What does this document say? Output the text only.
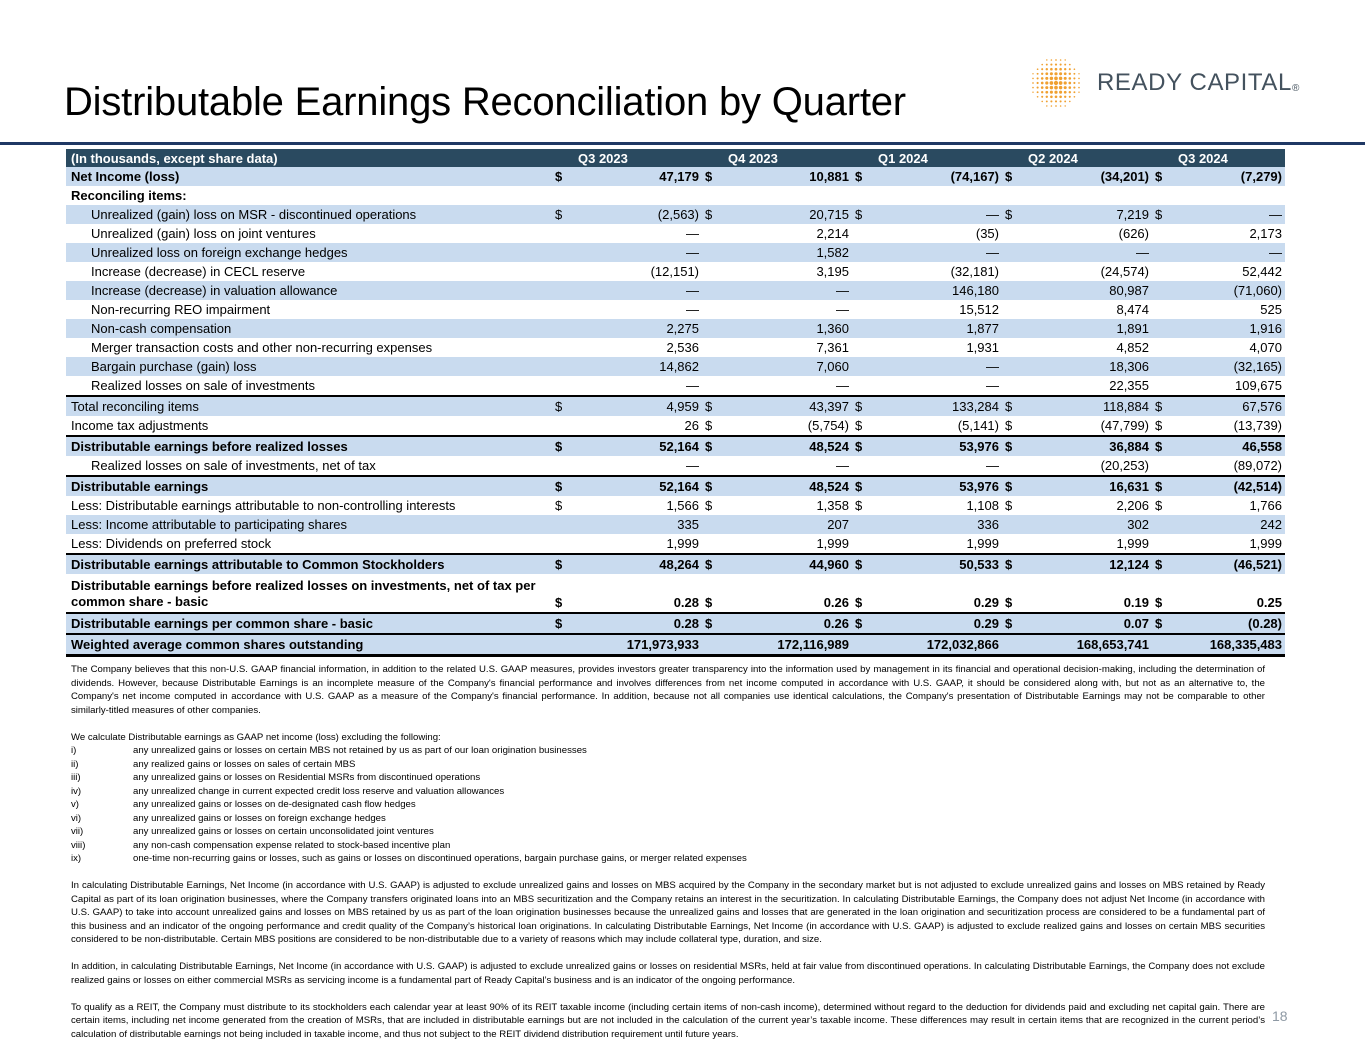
Distributable Earnings Reconciliation by Quarter	READY CAPITAL®
(In thousands, except share data)	Q3 2023		Q4 2023		Q1 2024		Q2 2024		Q3 2024	
Net Income (loss)	$	47,179	$	10,881	$	(74,167)	$	(34,201)	$	(7,279)
Reconciling items:										
Unrealized (gain) loss on MSR - discontinued operations	$	(2,563)	$	20,715	$	—	$	7,219	$	—
Unrealized (gain) loss on joint ventures		—		2,214		(35)		(626)		2,173
Unrealized loss on foreign exchange hedges		—		1,582		—		—		—
Increase (decrease) in CECL reserve		(12,151)		3,195		(32,181)		(24,574)		52,442
Increase (decrease) in valuation allowance		—		—		146,180		80,987		(71,060)
Non-recurring REO impairment		—		—		15,512		8,474		525
Non-cash compensation		2,275		1,360		1,877		1,891		1,916
Merger transaction costs and other non-recurring expenses		2,536		7,361		1,931		4,852		4,070
Bargain purchase (gain) loss		14,862		7,060		—		18,306		(32,165)
Realized losses on sale of investments		—		—		—		22,355		109,675
Total reconciling items	$	4,959	$	43,397	$	133,284	$	118,884	$	67,576
Income tax adjustments		26	$	(5,754)	$	(5,141)	$	(47,799)	$	(13,739)
Distributable earnings before realized losses	$	52,164	$	48,524	$	53,976	$	36,884	$	46,558
Realized losses on sale of investments, net of tax		—		—		—		(20,253)		(89,072)
Distributable earnings	$	52,164	$	48,524	$	53,976	$	16,631	$	(42,514)
Less: Distributable earnings attributable to non-controlling interests	$	1,566	$	1,358	$	1,108	$	2,206	$	1,766
Less: Income attributable to participating shares		335		207		336		302		242
Less: Dividends on preferred stock		1,999		1,999		1,999		1,999		1,999
Distributable earnings attributable to Common Stockholders	$	48,264	$	44,960	$	50,533	$	12,124	$	(46,521)
Distributable earnings before realized losses on investments, net of tax per common share - basic	$	0.28	$	0.26	$	0.29	$	0.19	$	0.25
Distributable earnings per common share - basic	$	0.28	$	0.26	$	0.29	$	0.07	$	(0.28)
Weighted average common shares outstanding		171,973,933		172,116,989		172,032,866		168,653,741		168,335,483

The Company believes that this non-U.S. GAAP financial information, in addition to the related U.S. GAAP measures, provides investors greater transparency into the information used by management in its financial and operational decision-making, including the determination of dividends. However, because Distributable Earnings is an incomplete measure of the Company's financial performance and involves differences from net income computed in accordance with U.S. GAAP, it should be considered along with, but not as an alternative to, the Company's net income computed in accordance with U.S. GAAP as a measure of the Company's financial performance. In addition, because not all companies use identical calculations, the Company's presentation of Distributable Earnings may not be comparable to other similarly-titled measures of other companies.

We calculate Distributable earnings as GAAP net income (loss) excluding the following:

i)	any unrealized gains or losses on certain MBS not retained by us as part of our loan origination businesses
ii)	any realized gains or losses on sales of certain MBS
iii)	any unrealized gains or losses on Residential MSRs from discontinued operations
iv)	any unrealized change in current expected credit loss reserve and valuation allowances
v)	any unrealized gains or losses on de-designated cash flow hedges
vi)	any unrealized gains or losses on foreign exchange hedges
vii)	any unrealized gains or losses on certain unconsolidated joint ventures
viii)	any non-cash compensation expense related to stock-based incentive plan
ix)	one-time non-recurring gains or losses, such as gains or losses on discontinued operations, bargain purchase gains, or merger related expenses

In calculating Distributable Earnings, Net Income (in accordance with U.S. GAAP) is adjusted to exclude unrealized gains and losses on MBS acquired by the Company in the secondary market but is not adjusted to exclude unrealized gains and losses on MBS retained by Ready Capital as part of its loan origination businesses, where the Company transfers originated loans into an MBS securitization and the Company retains an interest in the securitization. In calculating Distributable Earnings, the Company does not adjust Net Income (in accordance with U.S. GAAP) to take into account unrealized gains and losses on MBS retained by us as part of the loan origination businesses because the unrealized gains and losses that are generated in the loan origination and securitization process are considered to be a fundamental part of this business and an indicator of the ongoing performance and credit quality of the Company’s historical loan originations. In calculating Distributable Earnings, Net Income (in accordance with U.S. GAAP) is adjusted to exclude realized gains and losses on certain MBS securities considered to be non-distributable. Certain MBS positions are considered to be non-distributable due to a variety of reasons which may include collateral type, duration, and size.

In addition, in calculating Distributable Earnings, Net Income (in accordance with U.S. GAAP) is adjusted to exclude unrealized gains or losses on residential MSRs, held at fair value from discontinued operations. In calculating Distributable Earnings, the Company does not exclude realized gains or losses on either commercial MSRs as servicing income is a fundamental part of Ready Capital’s business and is an indicator of the ongoing performance.

To qualify as a REIT, the Company must distribute to its stockholders each calendar year at least 90% of its REIT taxable income (including certain items of non-cash income), determined without regard to the deduction for dividends paid and excluding net capital gain. There are certain items, including net income generated from the creation of MSRs, that are included in distributable earnings but are not included in the calculation of the current year’s taxable income. These differences may result in certain items that are recognized in the current period’s calculation of distributable earnings not being included in taxable income, and thus not subject to the REIT dividend distribution requirement until future years.

18
